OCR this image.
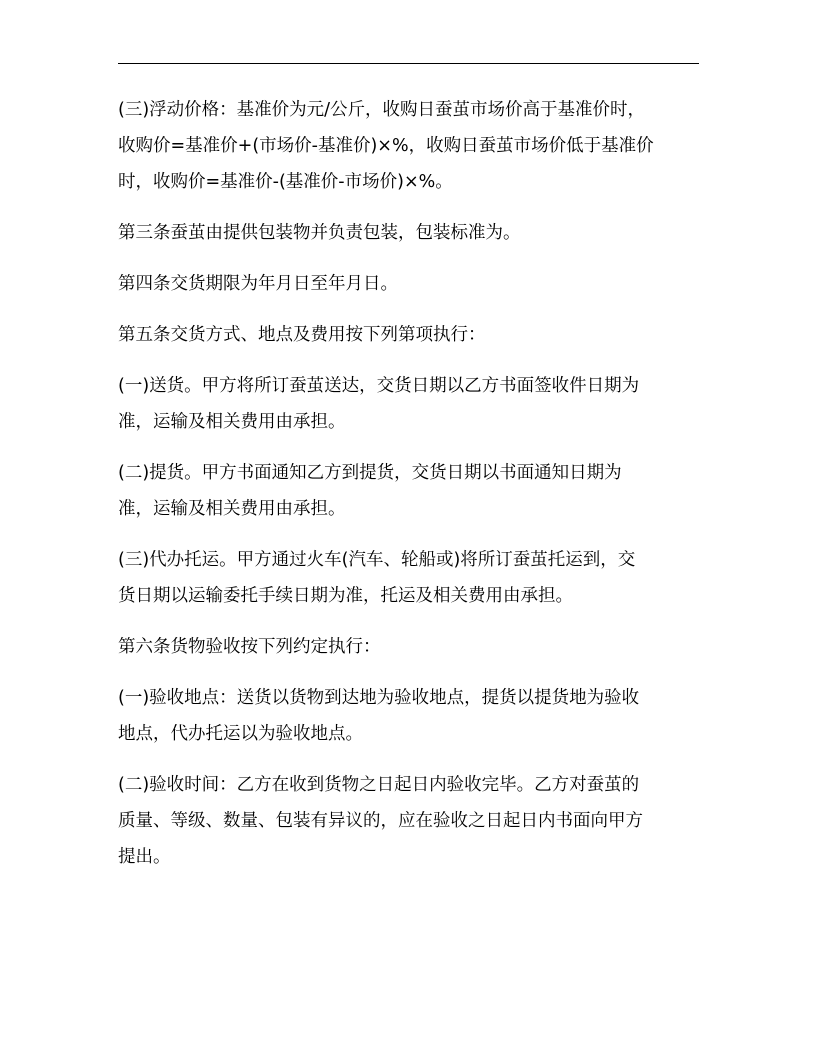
(三)浮动价格：基准价为元/公斤，收购日蚕茧市场价高于基准价时，
收购价=基准价+(市场价-基准价)×%，收购日蚕茧市场价低于基准价
时，收购价=基准价-(基准价-市场价)×%。

第三条蚕茧由提供包装物并负责包装，包装标准为。

第四条交货期限为年月日至年月日。

第五条交货方式、地点及费用按下列第项执行：

(一)送货。甲方将所订蚕茧送达，交货日期以乙方书面签收件日期为
准，运输及相关费用由承担。

(二)提货。甲方书面通知乙方到提货，交货日期以书面通知日期为
准，运输及相关费用由承担。

(三)代办托运。甲方通过火车(汽车、轮船或)将所订蚕茧托运到，交
货日期以运输委托手续日期为准，托运及相关费用由承担。

第六条货物验收按下列约定执行：

(一)验收地点：送货以货物到达地为验收地点，提货以提货地为验收
地点，代办托运以为验收地点。

(二)验收时间：乙方在收到货物之日起日内验收完毕。乙方对蚕茧的
质量、等级、数量、包装有异议的，应在验收之日起日内书面向甲方
提出。
